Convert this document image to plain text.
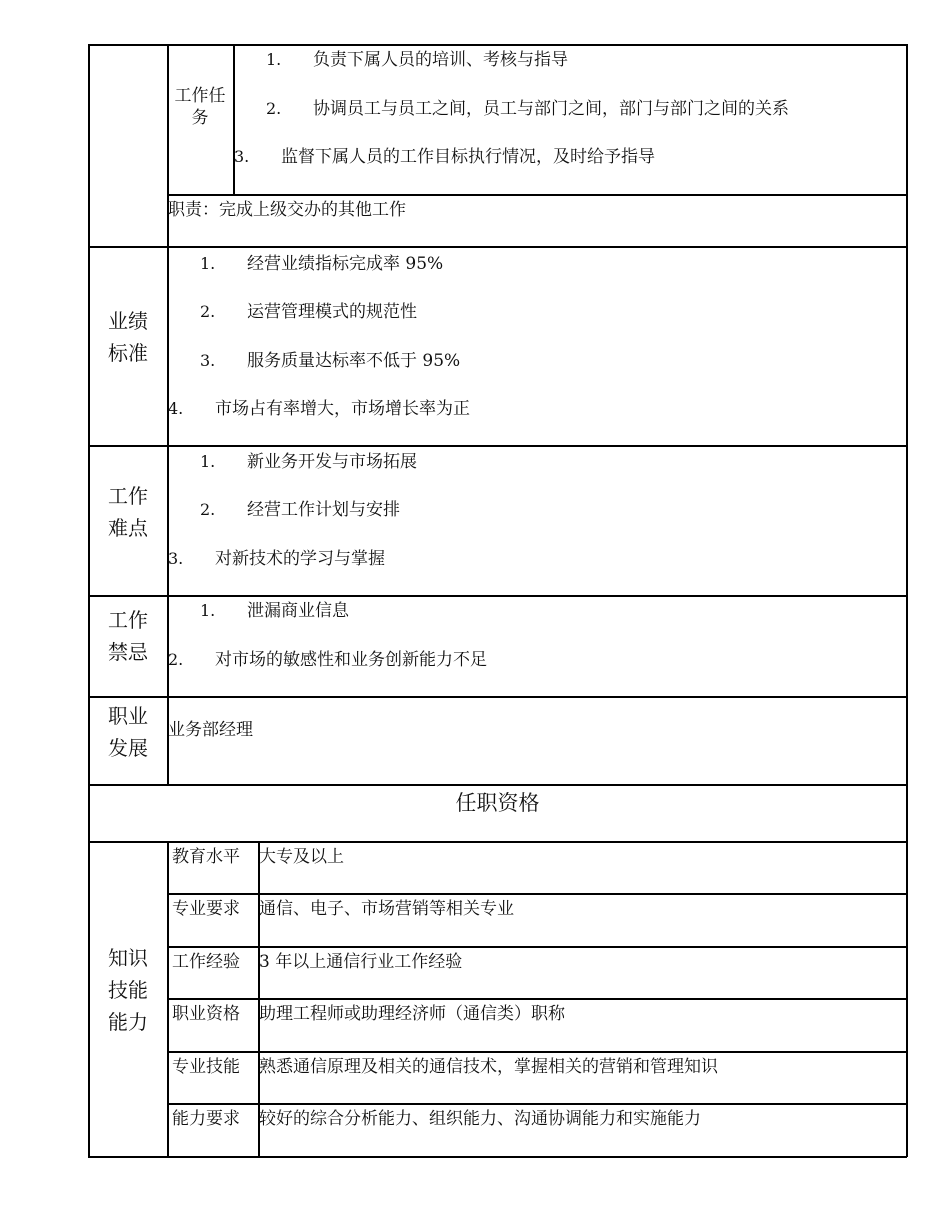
工作任务
1. 负责下属人员的培训、考核与指导
2. 协调员工与员工之间，员工与部门之间，部门与部门之间的关系
3. 监督下属人员的工作目标执行情况，及时给予指导
职责：完成上级交办的其他工作
业绩
标准
1. 经营业绩指标完成率 95%
2. 运营管理模式的规范性
3. 服务质量达标率不低于 95%
4. 市场占有率增大，市场增长率为正
工作
难点
1. 新业务开发与市场拓展
2. 经营工作计划与安排
3. 对新技术的学习与掌握
工作
禁忌
1. 泄漏商业信息
2. 对市场的敏感性和业务创新能力不足
职业
发展
业务部经理
任职资格
知识
技能
能力
教育水平 大专及以上
专业要求 通信、电子、市场营销等相关专业
工作经验 3 年以上通信行业工作经验
职业资格 助理工程师或助理经济师（通信类）职称
专业技能 熟悉通信原理及相关的通信技术，掌握相关的营销和管理知识
能力要求 较好的综合分析能力、组织能力、沟通协调能力和实施能力
